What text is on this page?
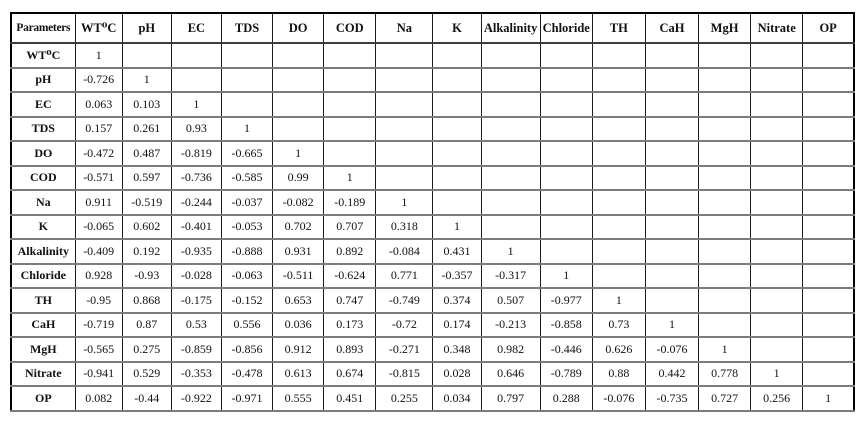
Parameters	WT⁰C	pH	EC	TDS	DO	COD	Na	K	Alkalinity	Chloride	TH	CaH	MgH	Nitrate	OP
WT⁰C	1														
pH	-0.726	1													
EC	0.063	0.103	1												
TDS	0.157	0.261	0.93	1											
DO	-0.472	0.487	-0.819	-0.665	1										
COD	-0.571	0.597	-0.736	-0.585	0.99	1									
Na	0.911	-0.519	-0.244	-0.037	-0.082	-0.189	1								
K	-0.065	0.602	-0.401	-0.053	0.702	0.707	0.318	1							
Alkalinity	-0.409	0.192	-0.935	-0.888	0.931	0.892	-0.084	0.431	1						
Chloride	0.928	-0.93	-0.028	-0.063	-0.511	-0.624	0.771	-0.357	-0.317	1					
TH	-0.95	0.868	-0.175	-0.152	0.653	0.747	-0.749	0.374	0.507	-0.977	1				
CaH	-0.719	0.87	0.53	0.556	0.036	0.173	-0.72	0.174	-0.213	-0.858	0.73	1			
MgH	-0.565	0.275	-0.859	-0.856	0.912	0.893	-0.271	0.348	0.982	-0.446	0.626	-0.076	1		
Nitrate	-0.941	0.529	-0.353	-0.478	0.613	0.674	-0.815	0.028	0.646	-0.789	0.88	0.442	0.778	1	
OP	0.082	-0.44	-0.922	-0.971	0.555	0.451	0.255	0.034	0.797	0.288	-0.076	-0.735	0.727	0.256	1
